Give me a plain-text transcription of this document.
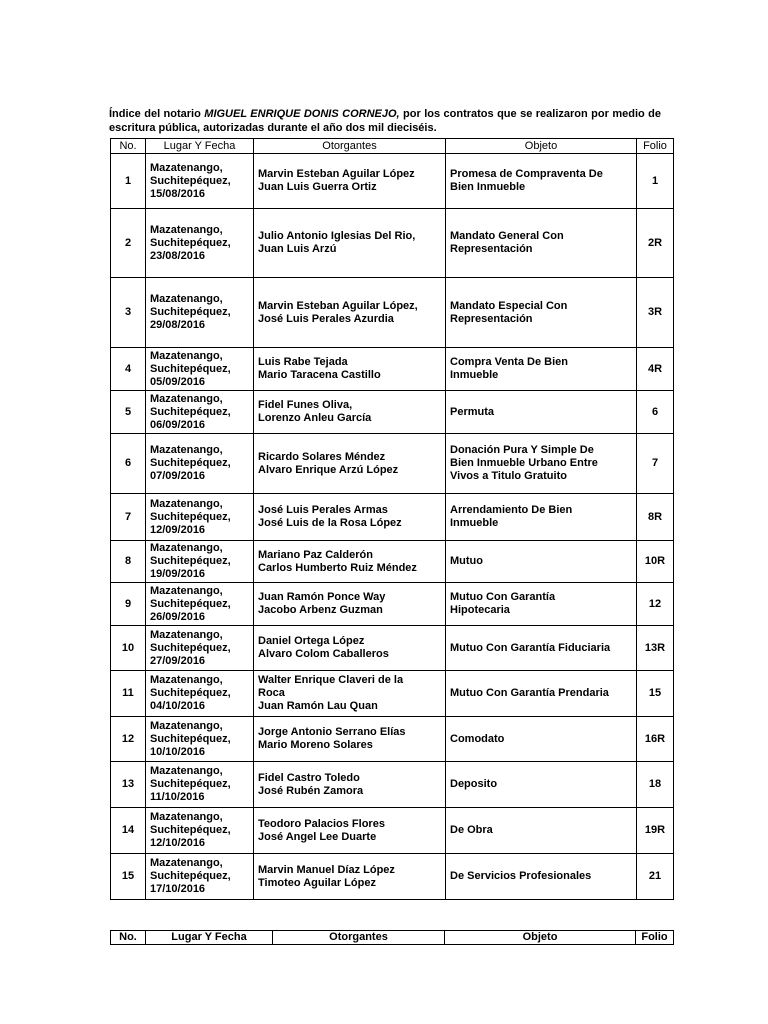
Índice del notario MIGUEL ENRIQUE DONIS CORNEJO, por los contratos que se realizaron por medio de escritura pública, autorizadas durante el año dos mil dieciséis.

No.	Lugar Y Fecha	Otorgantes	Objeto	Folio
1	Mazatenango,
Suchitepéquez,
15/08/2016	Marvin Esteban Aguilar López
Juan Luis Guerra Ortiz	Promesa de Compraventa De
Bien Inmueble	1
2	Mazatenango,
Suchitepéquez,
23/08/2016	Julio Antonio Iglesias Del Rio,
Juan Luis Arzú	Mandato General Con
Representación	2R
3	Mazatenango,
Suchitepéquez,
29/08/2016	Marvin Esteban Aguilar López,
José Luis Perales Azurdia	Mandato Especial Con
Representación	3R
4	Mazatenango,
Suchitepéquez,
05/09/2016	Luis Rabe Tejada
Mario Taracena Castillo	Compra Venta De Bien
Inmueble	4R
5	Mazatenango,
Suchitepéquez,
06/09/2016	Fidel Funes Oliva,
Lorenzo Anleu García	Permuta	6
6	Mazatenango,
Suchitepéquez,
07/09/2016	Ricardo Solares Méndez
Alvaro Enrique Arzú López	Donación Pura Y Simple De
Bien Inmueble Urbano Entre
Vivos a Titulo Gratuito	7
7	Mazatenango,
Suchitepéquez,
12/09/2016	José Luis Perales Armas
José Luis de la Rosa López	Arrendamiento De Bien
Inmueble	8R
8	Mazatenango,
Suchitepéquez,
19/09/2016	Mariano Paz Calderón
Carlos Humberto Ruiz Méndez	Mutuo	10R
9	Mazatenango,
Suchitepéquez,
26/09/2016	Juan Ramón Ponce Way
Jacobo Arbenz Guzman	Mutuo Con Garantía
Hipotecaria	12
10	Mazatenango,
Suchitepéquez,
27/09/2016	Daniel Ortega López
Alvaro Colom Caballeros	Mutuo Con Garantía Fiduciaria	13R
11	Mazatenango,
Suchitepéquez,
04/10/2016	Walter Enrique Claveri de la
Roca
Juan Ramón Lau Quan	Mutuo Con Garantía Prendaria	15
12	Mazatenango,
Suchitepéquez,
10/10/2016	Jorge Antonio Serrano Elías
Mario Moreno Solares	Comodato	16R
13	Mazatenango,
Suchitepéquez,
11/10/2016	Fidel Castro Toledo
José Rubén Zamora	Deposito	18
14	Mazatenango,
Suchitepéquez,
12/10/2016	Teodoro Palacios Flores
José Angel Lee Duarte	De Obra	19R
15	Mazatenango,
Suchitepéquez,
17/10/2016	Marvin Manuel Díaz López
Timoteo Aguilar López	De Servicios Profesionales	21
No.	Lugar Y Fecha	Otorgantes	Objeto	Folio
